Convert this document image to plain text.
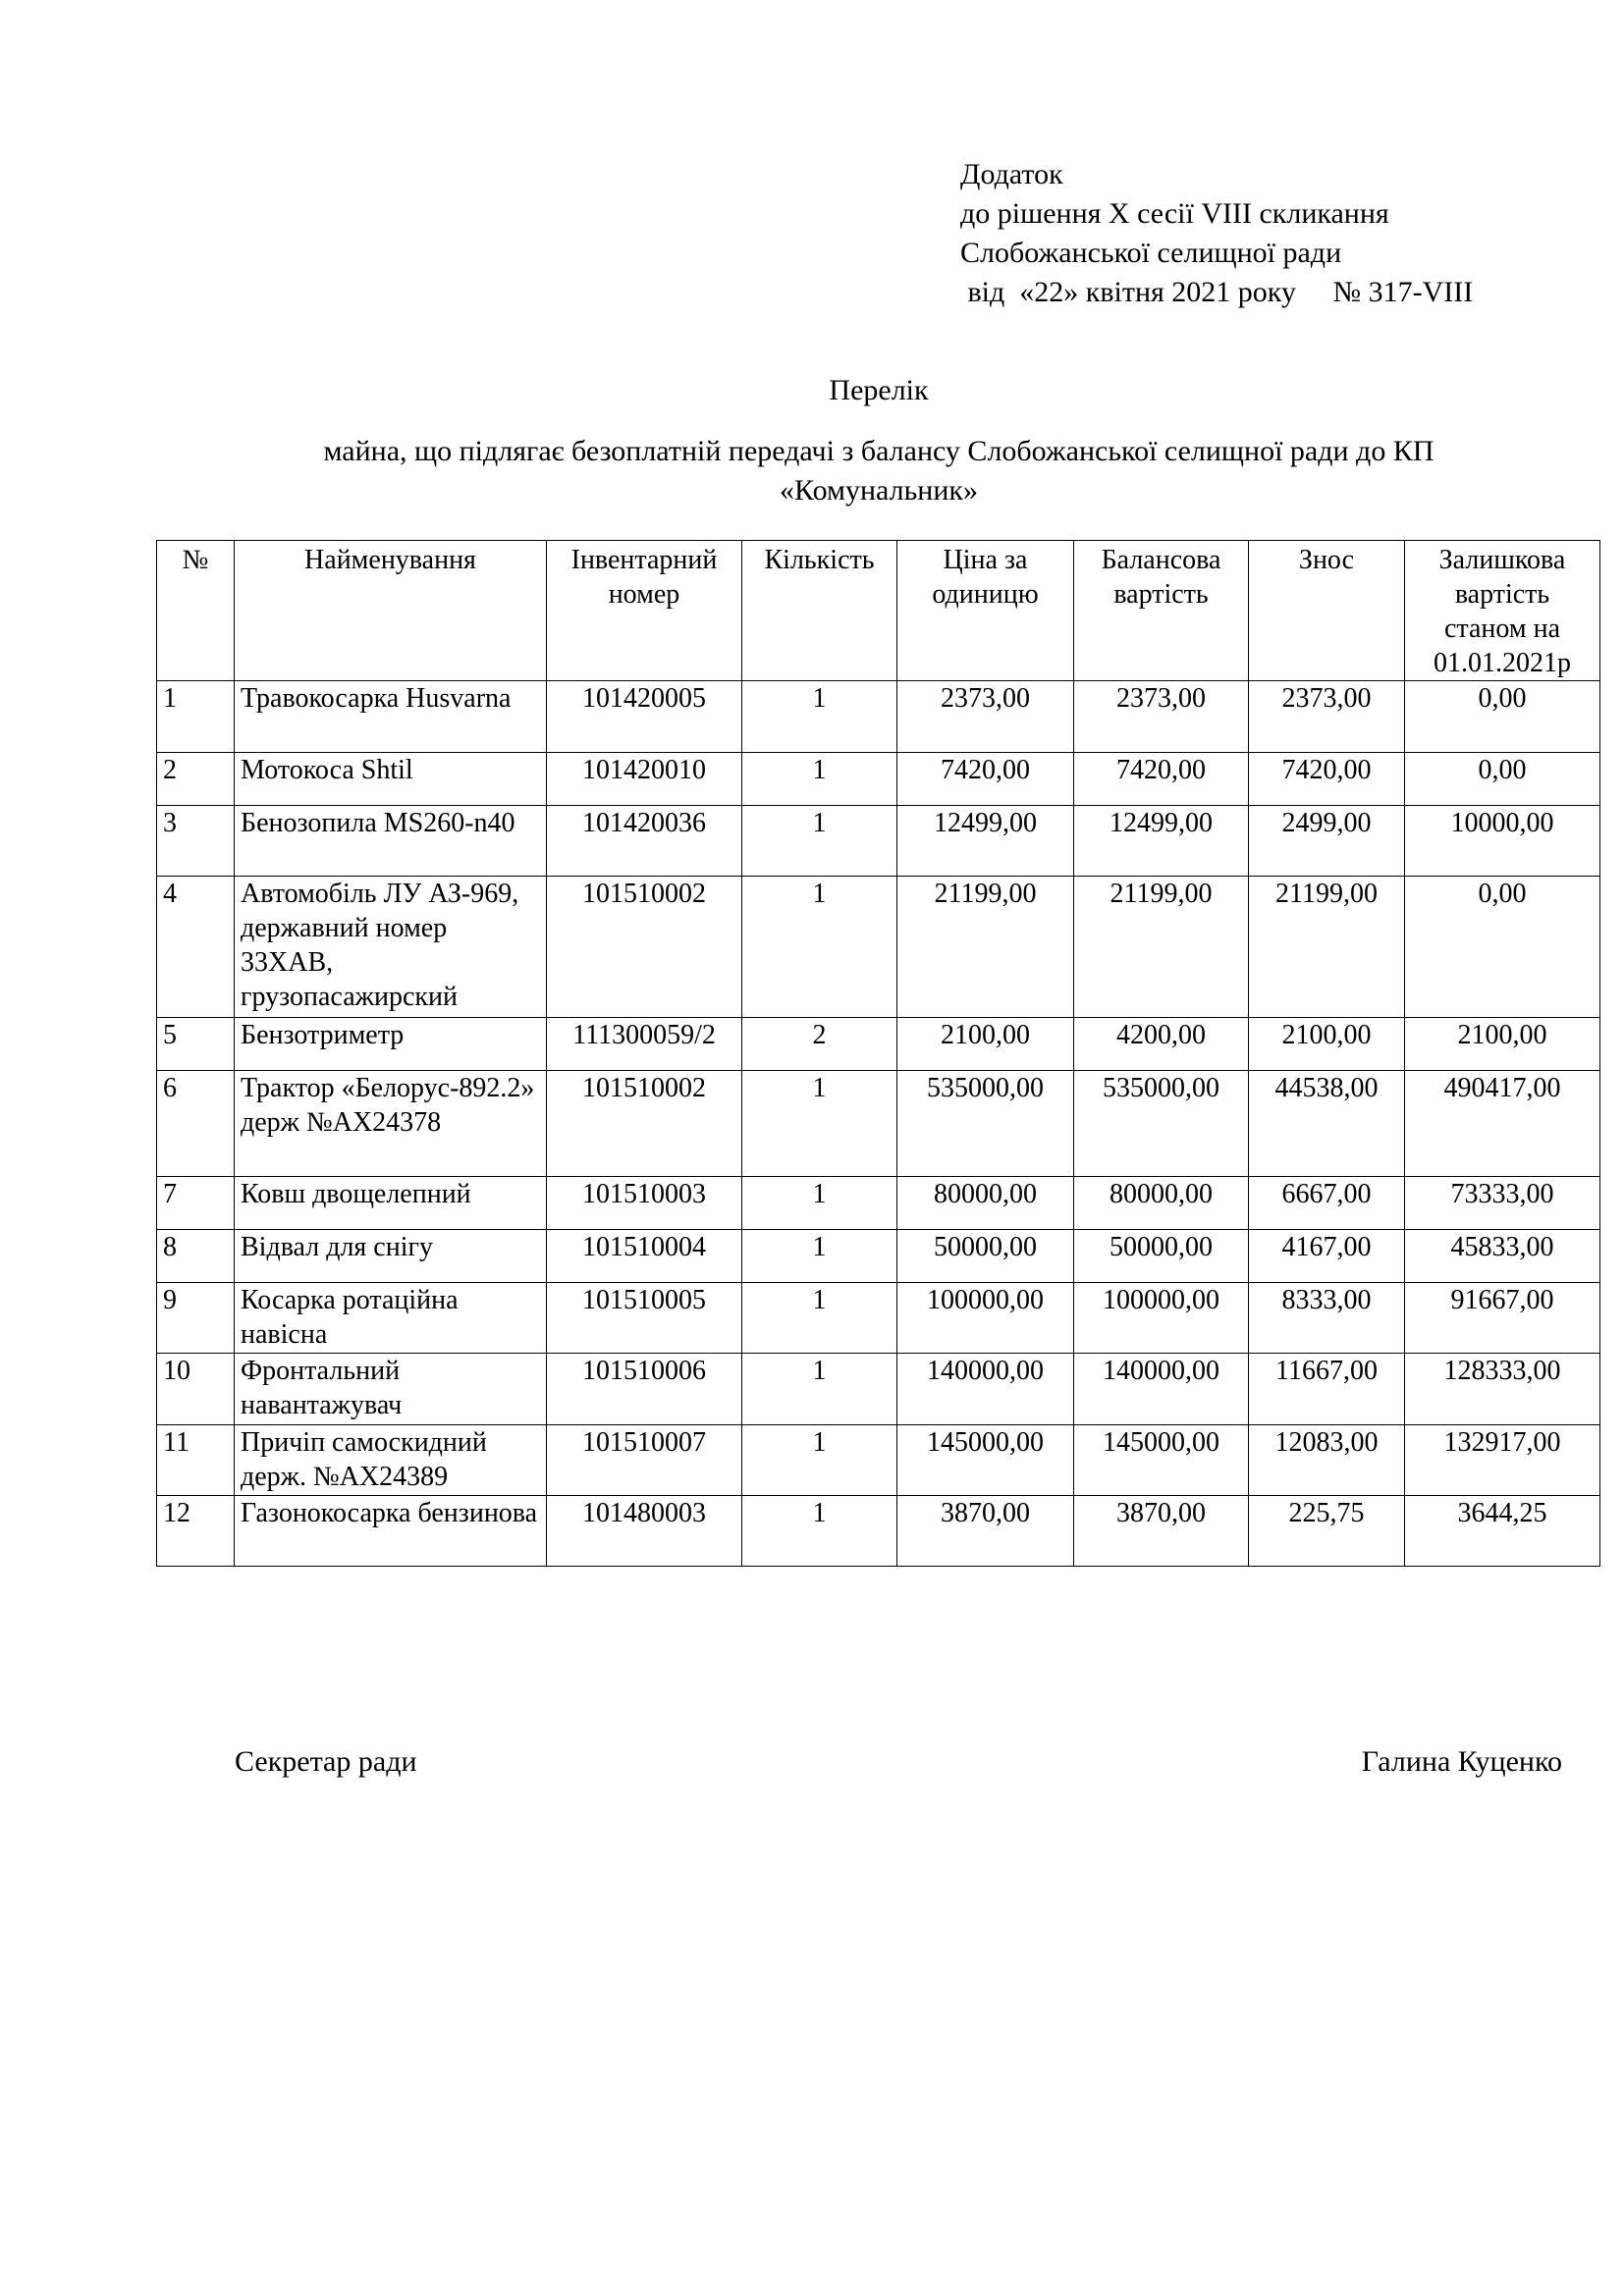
Додаток
до рішення Х сесії VIII скликання
Слобожанської селищної ради
від  «22» квітня 2021 року     № 317-VIII
Перелік
майна, що підлягає безоплатній передачі з балансу Слобожанської селищної ради до КП «Комунальник»
№	Найменування	Інвентарний номер	Кількість	Ціна за одиницю	Балансова вартість	Знос	Залишкова вартість станом на 01.01.2021р
1	Травокосарка Husvarna	101420005	1	2373,00	2373,00	2373,00	0,00
2	Мотокоса Shtil	101420010	1	7420,00	7420,00	7420,00	0,00
3	Бенозопила MS260-n40	101420036	1	12499,00	12499,00	2499,00	10000,00
4	Автомобіль ЛУ АЗ-969, державний номер 33ХАВ, грузопасажирский	101510002	1	21199,00	21199,00	21199,00	0,00
5	Бензотриметр	111300059/2	2	2100,00	4200,00	2100,00	2100,00
6	Трактор «Белорус-892.2» держ №АХ24378	101510002	1	535000,00	535000,00	44538,00	490417,00
7	Ковш двощелепний	101510003	1	80000,00	80000,00	6667,00	73333,00
8	Відвал для снігу	101510004	1	50000,00	50000,00	4167,00	45833,00
9	Косарка ротаційна навісна	101510005	1	100000,00	100000,00	8333,00	91667,00
10	Фронтальний навантажувач	101510006	1	140000,00	140000,00	11667,00	128333,00
11	Причіп самоскидний держ. №АХ24389	101510007	1	145000,00	145000,00	12083,00	132917,00
12	Газонокосарка бензинова	101480003	1	3870,00	3870,00	225,75	3644,25
Секретар ради	Галина Куценко
